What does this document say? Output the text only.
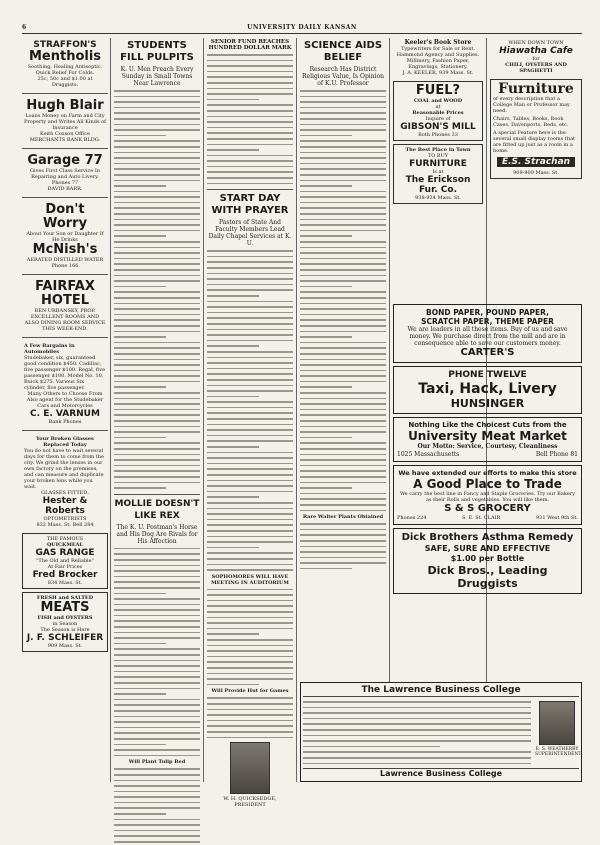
6	UNIVERSITY DAILY KANSAN
STRAFFON'S
Mentholis
Soothing, Healing Antiseptic. Quick Relief For Colds.
25c, 50c and $1.00 at Druggists.
Hugh Blair
Loans Money on Farm and City Property and Writes All Kinds of Insurance
Keith Coxson Office MERCHANTS BANK BLDG.
Garage 77
Gives First Class Service In Repairing and Auto Livery.
Phones 77
DAVID BARR.
Don't Worry
About Your Son or Daughter If He Drinks
McNish's
AERATED DISTILLED WATER
Phone 166
FAIRFAX HOTEL
BEN URBANSKY, PROP.
EXCELLENT ROOMS AND ALSO DINING ROOM SERVICE THIS WEEK-END.
A Few Bargains in Automobiles
Studebaker, six, guaranteed good condition $450. Cadillac, five passenger $100. Regal, five passenger $100. Model No. 10, Buick $275. Various Six cylinder, five passenger.
Many Others to Choose From Also agent for the Studebaker Cars and Motorcycles
C. E. VARNUM
Bank Phones
Your Broken Glasses Replaced Today
You do not have to wait several days for them to come from the city. We grind the lenses in our own factory on the premises, and can measure and duplicate your broken lens while you wait.
GLASSES FITTED.
Hester & Roberts
OPTOMETRISTS
832 Mass. St. Bell 284
THE FAMOUS
QUICKMEAL
GAS RANGE
"The Old and Reliable"
At Fair Prices
Fred Brocker
834 Mass. St.
FRESH and SALTED
MEATS
FISH and OYSTERS
in Season
The Season is Here
J. F. SCHLEIFER
909 Mass. St.
STUDENTS FILL PULPITS
K. U. Men Preach Every Sunday in Small Towns Near Lawrence
MOLLIE DOESN'T LIKE REX
The K. U. Postman's Horse and His Dog Are Rivals for His Affection
Will Plant Tulip Bed
SENIOR FUND REACHES HUNDRED DOLLAR MARK
START DAY WITH PRAYER
Pastors of State And Faculty Members Lead Daily Chapel Services at K. U.
SOPHOMORES WILL HAVE MEETING IN AUDITORIUM
Will Provide Hut for Games
W. H. QUICKSEDGE, PRESIDENT
SCIENCE AIDS BELIEF
Research Has District Religious Value, Is Opinion of K.U. Professor
Rare Walter Plants Obtained
Keeler's Book Store
Typewriters for Sale or Rent. Hammond Agency and Supplies.
Millinery, Fashion Paper, Engravings, Stationery.
J. A. KEELER, 939 Mass. St.
FUEL?
COAL and WOOD
at
Reasonable Prices
Inquire of
GIBSON'S MILL
Both Phones 33
The Best Place in Town
TO BUY
FURNITURE
Is at
The Erickson Fur. Co.
938-934 Mass. St.
WHEN DOWN TOWN
Hiawatha Cafe
for
CHILI, OYSTERS AND SPAGHETTI
Furniture
of every description that a College Man or Professor may need.
Chairs, Tables, Books, Book Cases, Davenports, Beds, etc.
A special Feature here is the several small display rooms that are fitted up just as a room in a home.
E.S. Strachan
909-909 Mass. St.
BOND PAPER, POUND PAPER,
SCRATCH PAPER, THEME PAPER
We are leaders in all these items. Buy of us and save money. We purchase direct from the mill and are in consequence able to save our customers money.
CARTER'S
PHONE TWELVE
Taxi, Hack, Livery
HUNSINGER
Nothing Like the Choicest Cuts from the
University Meat Market
Our Motto: Service, Courtesy, Cleanliness
1025 Massachusetts	Bell Phone 81
We have extended our efforts to make this store
A Good Place to Trade
We carry the best line in Fancy and Staple Groceries. Try our Bakery as their Rolls and vegetables. You will like them.
S & S GROCERY
Phones 224	S. E. St. CLAIR	931 West 9th St.
Dick Brothers Asthma Remedy
SAFE, SURE AND EFFECTIVE
$1.00 per Bottle
Dick Bros., Leading Druggists
The Lawrence Business College
E. S. WEATHERBY SUPERINTENDENT
Lawrence Business College
